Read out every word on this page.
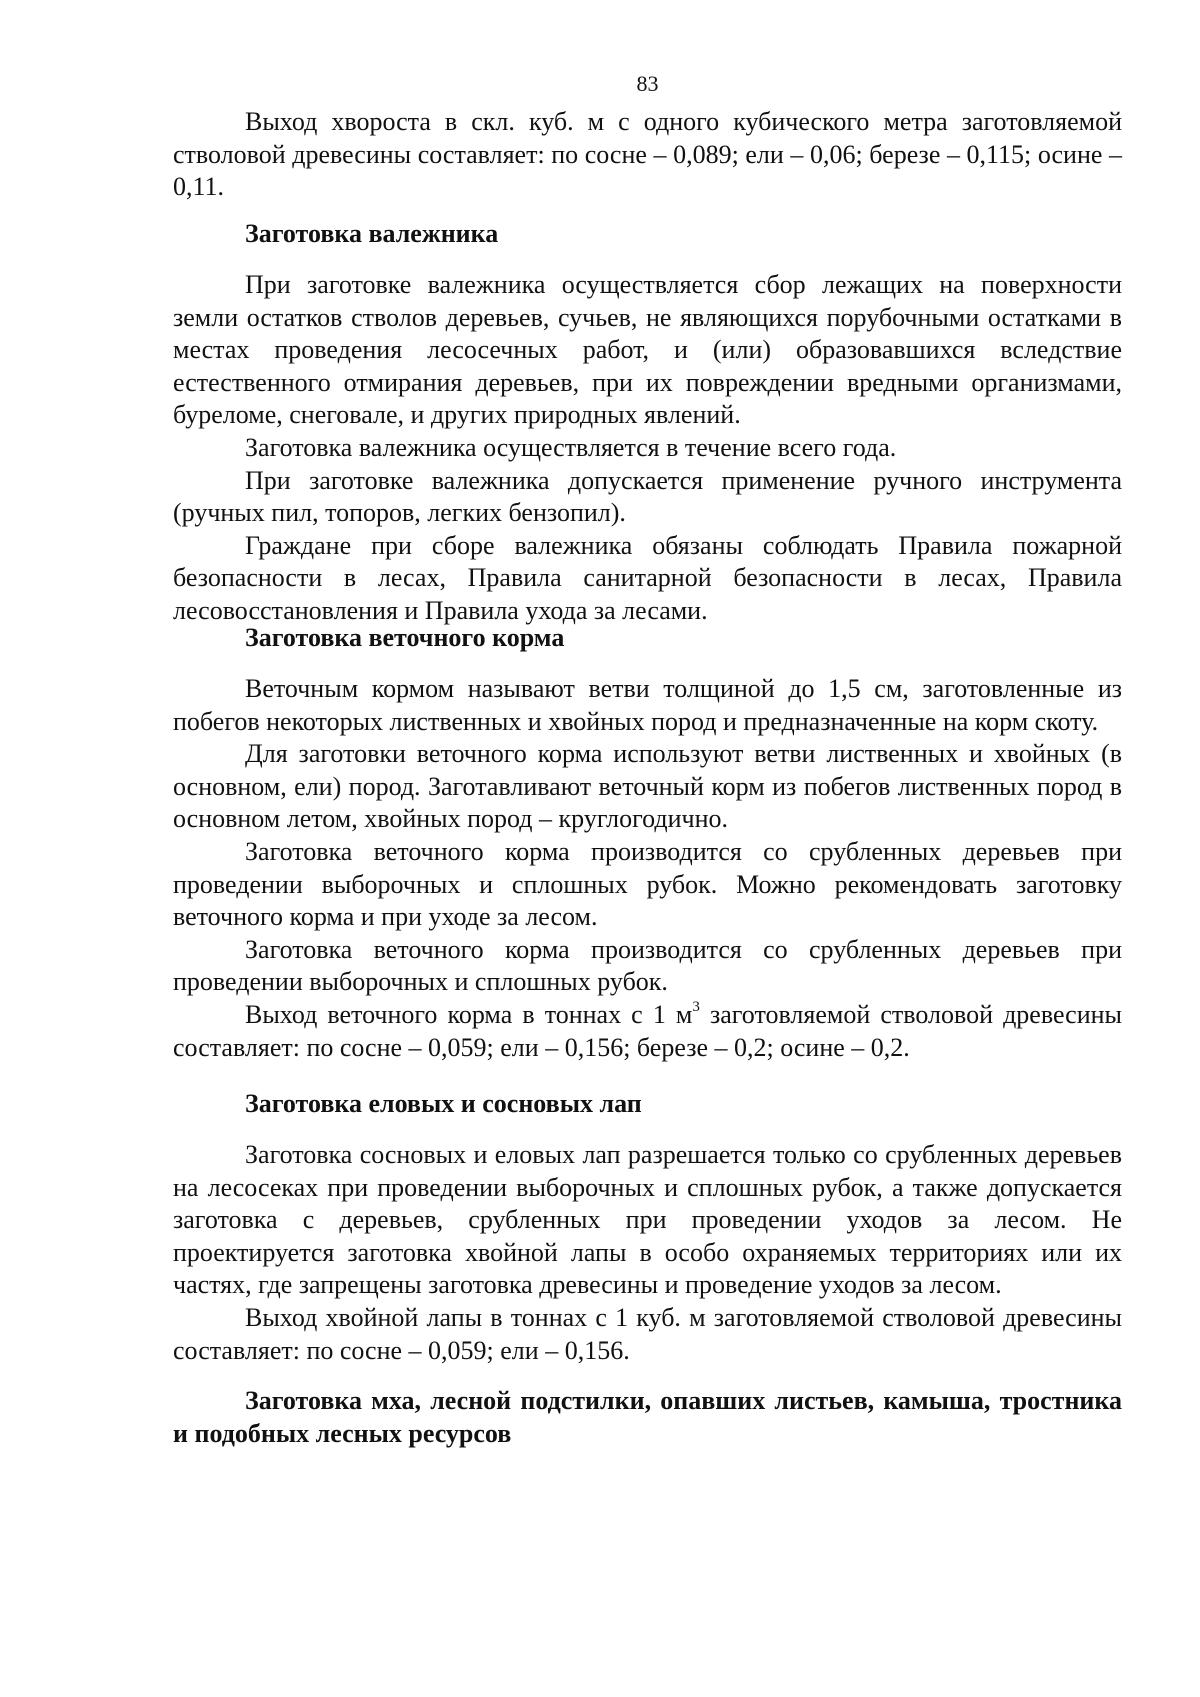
83

Выход хвороста в скл. куб. м с одного кубического метра заготовляемой стволовой древесины составляет: по сосне – 0,089; ели – 0,06; березе – 0,115; осине – 0,11.

Заготовка валежника

При заготовке валежника осуществляется сбор лежащих на поверхности земли остатков стволов деревьев, сучьев, не являющихся порубочными остатками в местах проведения лесосечных работ, и (или) образовавшихся вследствие естественного отмирания деревьев, при их повреждении вредными организмами, буреломе, снеговале, и других природных явлений.

Заготовка валежника осуществляется в течение всего года.

При заготовке валежника допускается применение ручного инструмента (ручных пил, топоров, легких бензопил).

Граждане при сборе валежника обязаны соблюдать Правила пожарной безопасности в лесах, Правила санитарной безопасности в лесах, Правила лесовосстановления и Правила ухода за лесами.

Заготовка веточного корма

Веточным кормом называют ветви толщиной до 1,5 см, заготовленные из побегов некоторых лиственных и хвойных пород и предназначенные на корм скоту.

Для заготовки веточного корма используют ветви лиственных и хвойных (в основном, ели) пород. Заготавливают веточный корм из побегов лиственных пород в основном летом, хвойных пород – круглогодично.

Заготовка веточного корма производится со срубленных деревьев при проведении выборочных и сплошных рубок. Можно рекомендовать заготовку веточного корма и при уходе за лесом.

Заготовка веточного корма производится со срубленных деревьев при проведении выборочных и сплошных рубок.

Выход веточного корма в тоннах с 1 $м^3$ заготовляемой стволовой древесины составляет: по сосне – 0,059; ели – 0,156; березе – 0,2; осине – 0,2.

Заготовка еловых и сосновых лап

Заготовка сосновых и еловых лап разрешается только со срубленных деревьев на лесосеках при проведении выборочных и сплошных рубок, а также допускается заготовка с деревьев, срубленных при проведении уходов за лесом. Не проектируется заготовка хвойной лапы в особо охраняемых территориях или их частях, где запрещены заготовка древесины и проведение уходов за лесом.

Выход хвойной лапы в тоннах с 1 куб. м заготовляемой стволовой древесины составляет: по сосне – 0,059; ели – 0,156.

Заготовка мха, лесной подстилки, опавших листьев, камыша, тростника и подобных лесных ресурсов
